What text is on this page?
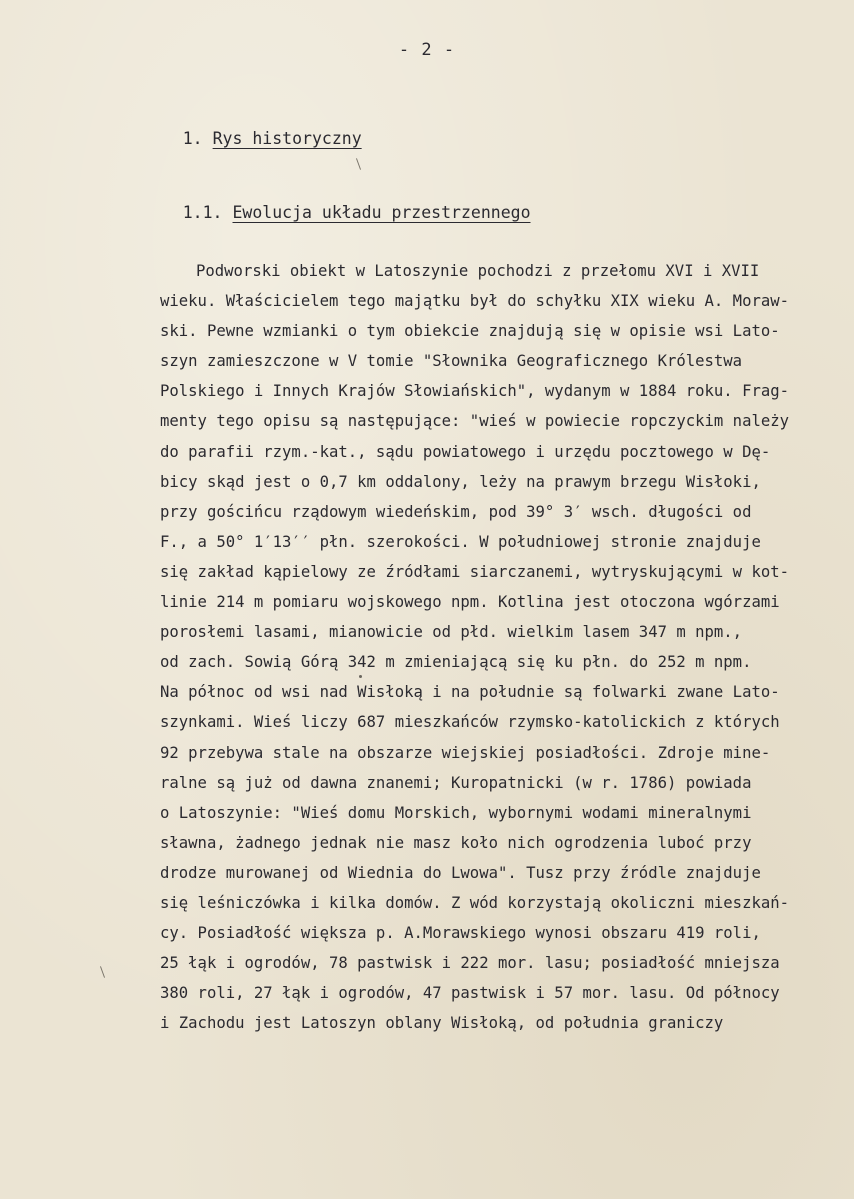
- 2 -

1. Rys historyczny

1.1. Ewolucja układu przestrzennego

Podworski obiekt w Latoszynie pochodzi z przełomu XVI i XVII
wieku. Właścicielem tego majątku był do schyłku XIX wieku A. Moraw-
ski. Pewne wzmianki o tym obiekcie znajdują się w opisie wsi Lato-
szyn zamieszczone w V tomie "Słownika Geograficznego Królestwa
Polskiego i Innych Krajów Słowiańskich", wydanym w 1884 roku. Frag-
menty tego opisu są następujące: "wieś w powiecie ropczyckim należy
do parafii rzym.-kat., sądu powiatowego i urzędu pocztowego w Dę-
bicy skąd jest o 0,7 km oddalony, leży na prawym brzegu Wisłoki,
przy gościńcu rządowym wiedeńskim, pod 39° 3′ wsch. długości od
F., a 50° 1′13′′ płn. szerokości. W południowej stronie znajduje
się zakład kąpielowy ze źródłami siarczanemi, wytryskującymi w kot-
linie 214 m pomiaru wojskowego npm. Kotlina jest otoczona wgórzami
porosłemi lasami, mianowicie od płd. wielkim lasem 347 m npm.,
od zach. Sowią Górą 342 m zmieniającą się ku płn. do 252 m npm.
Na północ od wsi nad Wisłoką i na południe są folwarki zwane Lato-
szynkami. Wieś liczy 687 mieszkańców rzymsko-katolickich z których
92 przebywa stale na obszarze wiejskiej posiadłości. Zdroje mine-
ralne są już od dawna znanemi; Kuropatnicki (w r. 1786) powiada
o Latoszynie: "Wieś domu Morskich, wybornymi wodami mineralnymi
sławna, żadnego jednak nie masz koło nich ogrodzenia luboć przy
drodze murowanej od Wiednia do Lwowa". Tusz przy źródle znajduje
się leśniczówka i kilka domów. Z wód korzystają okoliczni mieszkań-
cy. Posiadłość większa p. A.Morawskiego wynosi obszaru 419 roli,
25 łąk i ogrodów, 78 pastwisk i 222 mor. lasu; posiadłość mniejsza
380 roli, 27 łąk i ogrodów, 47 pastwisk i 57 mor. lasu. Od północy
i Zachodu jest Latoszyn oblany Wisłoką, od południa graniczy
